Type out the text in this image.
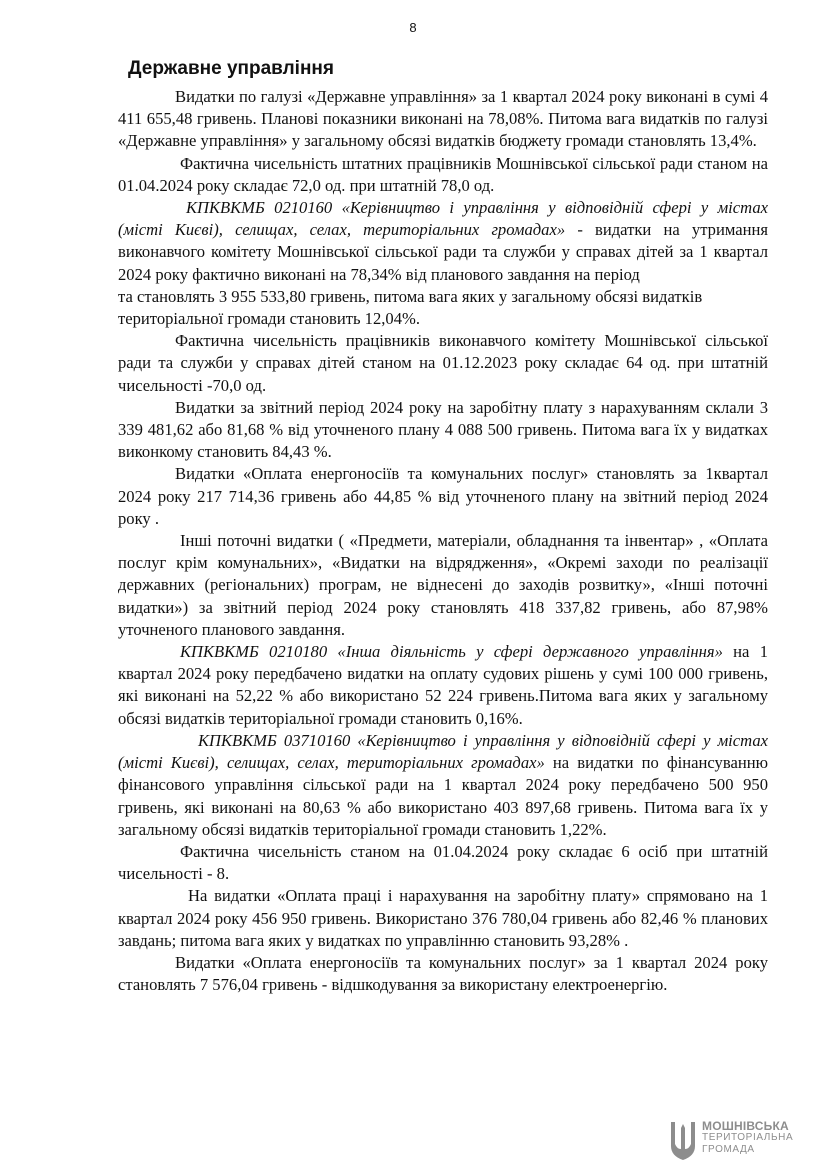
8
Державне управління

Видатки по галузі «Державне управління» за 1 квартал 2024 року виконані в сумі 4 411 655,48 гривень. Планові показники виконані на 78,08%. Питома вага видатків по галузі «Державне управління» у загальному обсязі видатків бюджету громади становлять 13,4%.

Фактична чисельність штатних працівників Мошнівської сільської ради станом на 01.04.2024 року складає 72,0 од. при штатній 78,0 од.

КПКВКМБ 0210160 «Керівництво і управління у відповідній сфері у містах (місті Києві), селищах, селах, територіальних громадах» - видатки на утримання виконавчого комітету Мошнівської сільської ради та служби у справах дітей за 1 квартал 2024 року фактично виконані на 78,34% від планового завдання на період

та становлять 3 955 533,80 гривень, питома вага яких у загальному обсязі видатків територіальної громади становить 12,04%.

Фактична чисельність працівників виконавчого комітету Мошнівської сільської ради та служби у справах дітей станом на 01.12.2023 року складає 64 од. при штатній чисельності -70,0 од.

Видатки за звітний період 2024 року на заробітну плату з нарахуванням склали 3 339 481,62 або 81,68 % від уточненого плану 4 088 500 гривень. Питома вага їх у видатках виконкому становить 84,43 %.

Видатки «Оплата енергоносіїв та комунальних послуг» становлять за 1квартал 2024 року 217 714,36 гривень або 44,85 % від уточненого плану на звітний період 2024 року .

Інші поточні видатки ( «Предмети, матеріали, обладнання та інвентар» , «Оплата послуг крім комунальних», «Видатки на відрядження», «Окремі заходи по реалізації державних (регіональних) програм, не віднесені до заходів розвитку», «Інші поточні видатки») за звітний період 2024 року становлять 418 337,82 гривень, або 87,98% уточненого планового завдання.

КПКВКМБ 0210180 «Інша діяльність у сфері державного управління» на 1 квартал 2024 року передбачено видатки на оплату судових рішень у сумі 100 000 гривень, які виконані на 52,22 % або використано 52 224 гривень.Питома вага яких у загальному обсязі видатків територіальної громади становить 0,16%.

КПКВКМБ 03710160 «Керівництво і управління у відповідній сфері у містах (місті Києві), селищах, селах, територіальних громадах» на видатки по фінансуванню фінансового управління сільської ради на 1 квартал 2024 року передбачено 500 950 гривень, які виконані на 80,63 % або використано 403 897,68 гривень. Питома вага їх у загальному обсязі видатків територіальної громади становить 1,22%.

Фактична чисельність станом на 01.04.2024 року складає 6 осіб при штатній чисельності - 8.

На видатки «Оплата праці і нарахування на заробітну плату» спрямовано на 1 квартал 2024 року 456 950 гривень. Використано 376 780,04 гривень або 82,46 % планових завдань; питома вага яких у видатках по управлінню становить 93,28% .

Видатки «Оплата енергоносіїв та комунальних послуг» за 1 квартал 2024 року становлять 7 576,04 гривень - відшкодування за використану електроенергію.

МОШНІВСЬКА
ТЕРИТОРІАЛЬНА
ГРОМАДА
